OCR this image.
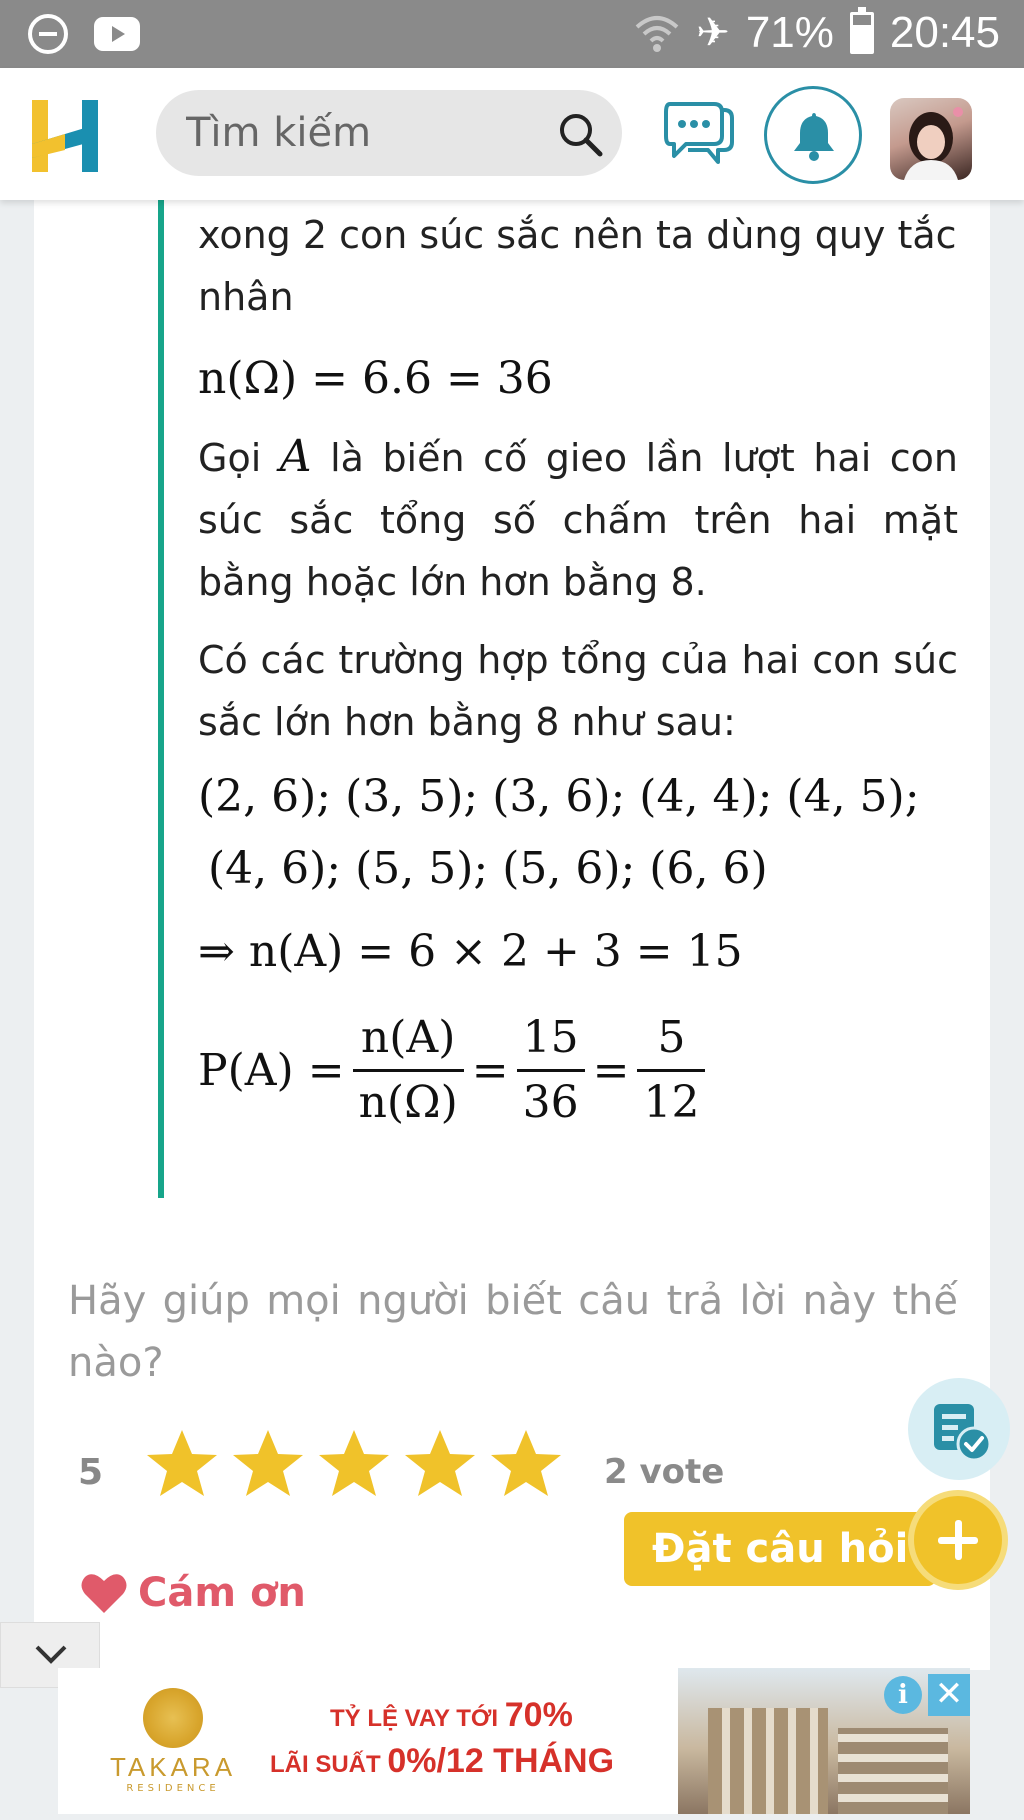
✈ 71% 20:45
Tìm kiếm

xong 2 con súc sắc nên ta dùng quy tắc nhân

n(Ω) = 6.6 = 36

Gọi A là biến cố gieo lần lượt hai con súc sắc tổng số chấm trên hai mặt bằng hoặc lớn hơn bằng 8.

Có các trường hợp tổng của hai con súc sắc lớn hơn bằng 8 như sau:

(2, 6); (3, 5); (3, 6); (4, 4); (4, 5);

(4, 6); (5, 5); (5, 6); (6, 6)

⇒ n(A) = 6 × 2 + 3 = 15

$P(A) = \frac{n(A)}{n(\Omega)} = \frac{15}{36} = \frac{5}{12}$

Hãy giúp mọi người biết câu trả lời này thế nào?

5	2 vote
Cám ơn
Đặt câu hỏi
TAKARA
RESIDENCE
TỶ LỆ VAY TỚI 70%
LÃI SUẤT 0%/12 THÁNG
i ✕
